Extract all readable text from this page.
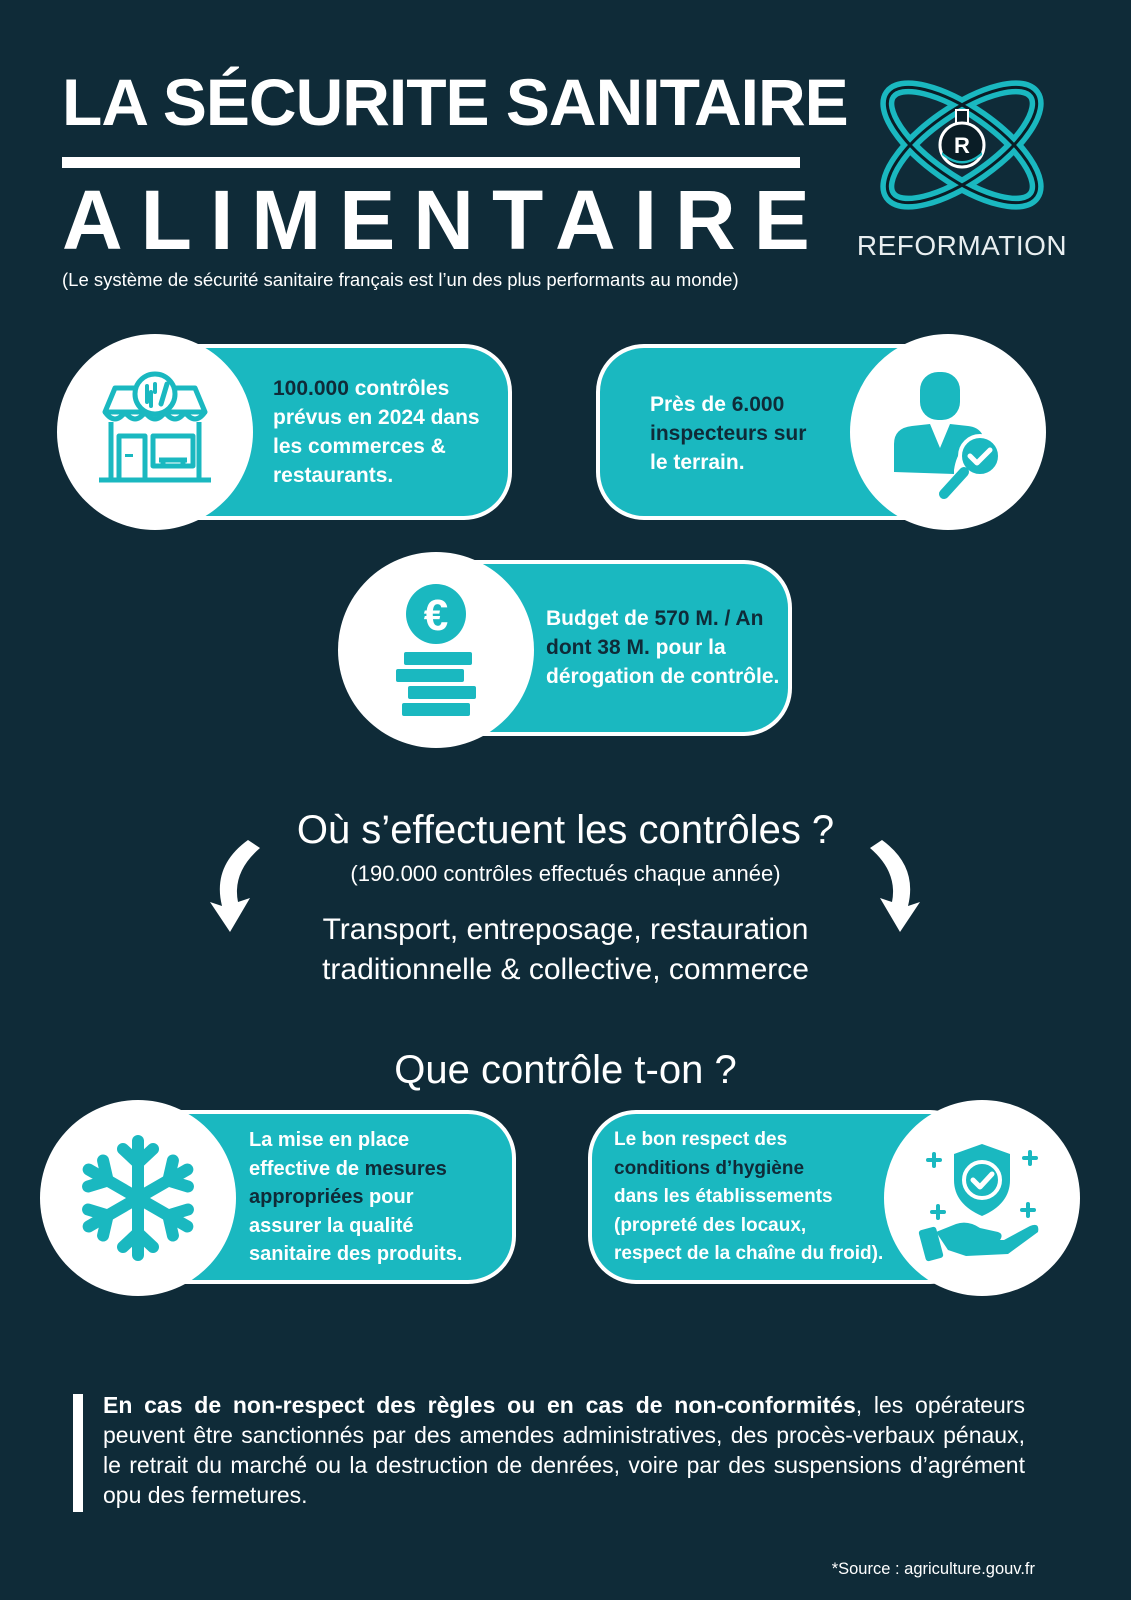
LA SÉCURITE SANITAIRE
ALIMENTAIRE
(Le système de sécurité sanitaire français est l’un des plus performants au monde)
R
REFORMATION
100.000 contrôles
prévus en 2024 dans
les commerces &
restaurants.
Près de 6.000
inspecteurs sur
le terrain.
€	Budget de 570 M. / An
dont 38 M. pour la
dérogation de contrôle.
Où s’effectuent les contrôles ?
(190.000 contrôles effectués chaque année)
Transport, entreposage, restauration
traditionnelle & collective, commerce
Que contrôle t-on ?
La mise en place
effective de mesures
appropriées pour
assurer la qualité
sanitaire des produits.
Le bon respect des
conditions d’hygiène
dans les établissements
(propreté des locaux,
respect de la chaîne du froid).
En cas de non-respect des règles ou en cas de non-conformités, les opérateurs peuvent être sanctionnés par des amendes administratives, des procès-verbaux pénaux, le retrait du marché ou la destruction de denrées, voire par des suspensions d’agrément opu des fermetures.
*Source : agriculture.gouv.fr
